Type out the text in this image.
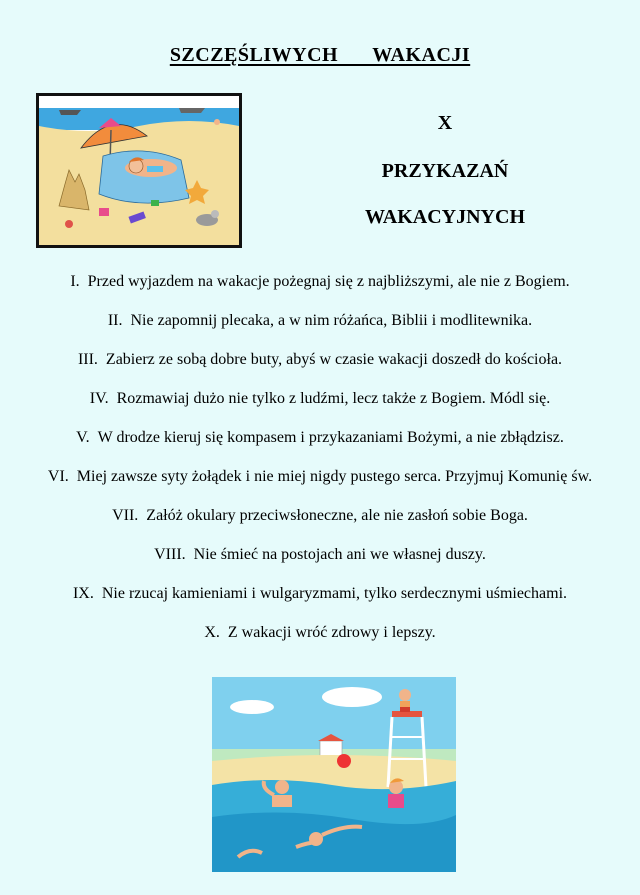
SZCZĘŚLIWYCH   WAKACJI
X
PRZYKAZAŃ
WAKACYJNYCH
I. Przed wyjazdem na wakacje pożegnaj się z najbliższymi, ale nie z Bogiem.
II. Nie zapomnij plecaka, a w nim różańca, Biblii i modlitewnika.
III. Zabierz ze sobą dobre buty, abyś w czasie wakacji doszedł do kościoła.
IV. Rozmawiaj dużo nie tylko z ludźmi, lecz także z Bogiem. Módl się.
V. W drodze kieruj się kompasem i przykazaniami Bożymi, a nie zbłądzisz.
VI. Miej zawsze syty żołądek i nie miej nigdy pustego serca. Przyjmuj Komunię św.
VII. Załóż okulary przeciwsłoneczne, ale nie zasłoń sobie Boga.
VIII. Nie śmieć na postojach ani we własnej duszy.
IX. Nie rzucaj kamieniami i wulgaryzmami, tylko serdecznymi uśmiechami.
X. Z wakacji wróć zdrowy i lepszy.
